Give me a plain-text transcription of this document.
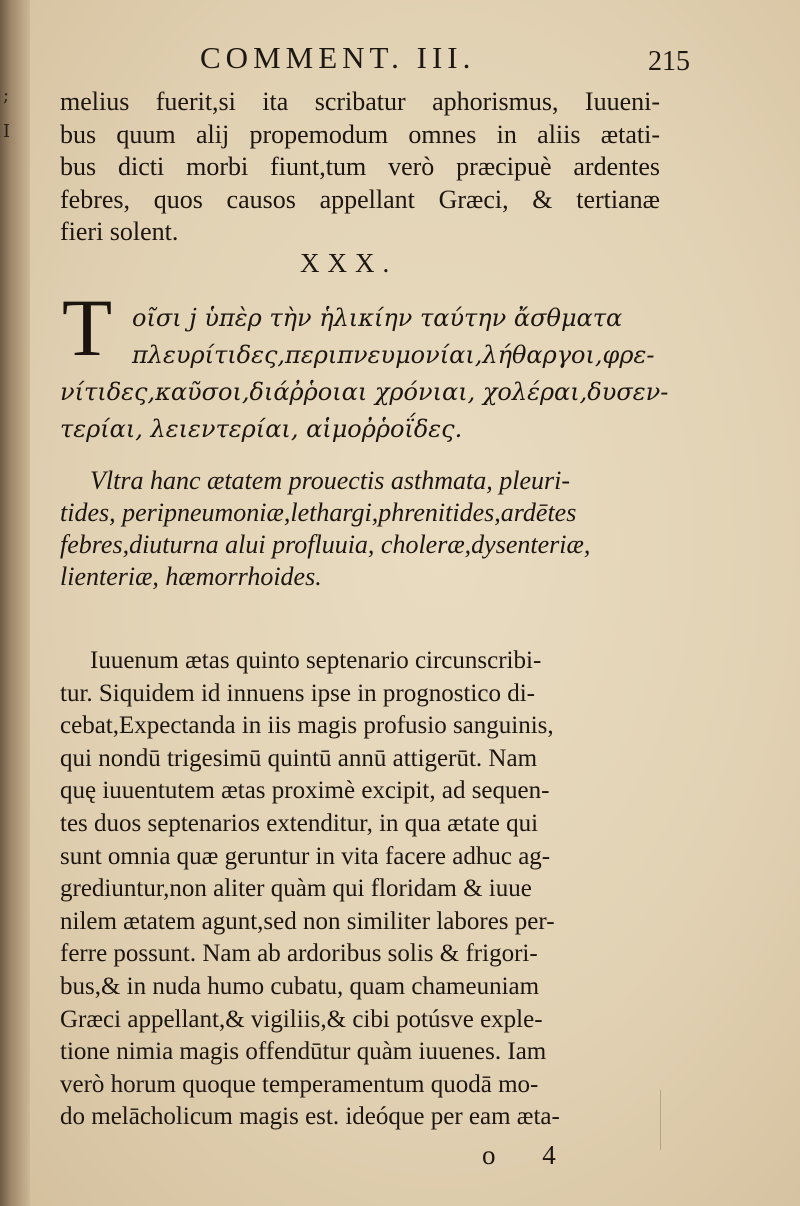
;
I
COMMENT. III.	215
melius fuerit,si ita scribatur aphorismus, Iuueni-
bus quum alij propemodum omnes in aliis ætati-
bus dicti morbi fiunt,tum verò præcipuè ardentes
febres, quos causos appellant Græci, & tertianæ
fieri solent.
XXX.
T οῖσι ϳ ὑπὲρ τὴν ἡλικίην ταύτην ἄσθματα
πλευρίτιδες,περιπνευμονίαι,λήθαργοι,φρε-
νίτιδες,καῦσοι,διάῤῥοιαι χρόνιαι, χολέραι,δυσεν-
τερίαι, λειεντερίαι, αἱμοῤῥοΐδες.
Vltra hanc ætatem prouectis asthmata, pleuri-
tides, peripneumoniæ,lethargi,phrenitides,ardētes
febres,diuturna alui profluuia, choleræ,dysenteriæ,
lienteriæ, hæmorrhoides.
Iuuenum ætas quinto septenario circunscribi-
tur. Siquidem id innuens ipse in prognostico di-
cebat,Expectanda in iis magis profusio sanguinis,
qui nondū trigesimū quintū annū attigerūt. Nam
quę iuuentutem ætas proximè excipit, ad sequen-
tes duos septenarios extenditur, in qua ætate qui
sunt omnia quæ geruntur in vita facere adhuc ag-
grediuntur,non aliter quàm qui floridam & iuue
nilem ætatem agunt,sed non similiter labores per-
ferre possunt. Nam ab ardoribus solis & frigori-
bus,& in nuda humo cubatu, quam chameuniam
Græci appellant,& vigiliis,& cibi potúsve exple-
tione nimia magis offendūtur quàm iuuenes. Iam
verò horum quoque temperamentum quodā mo-
do melācholicum magis est. ideóque per eam æta-
o 4
